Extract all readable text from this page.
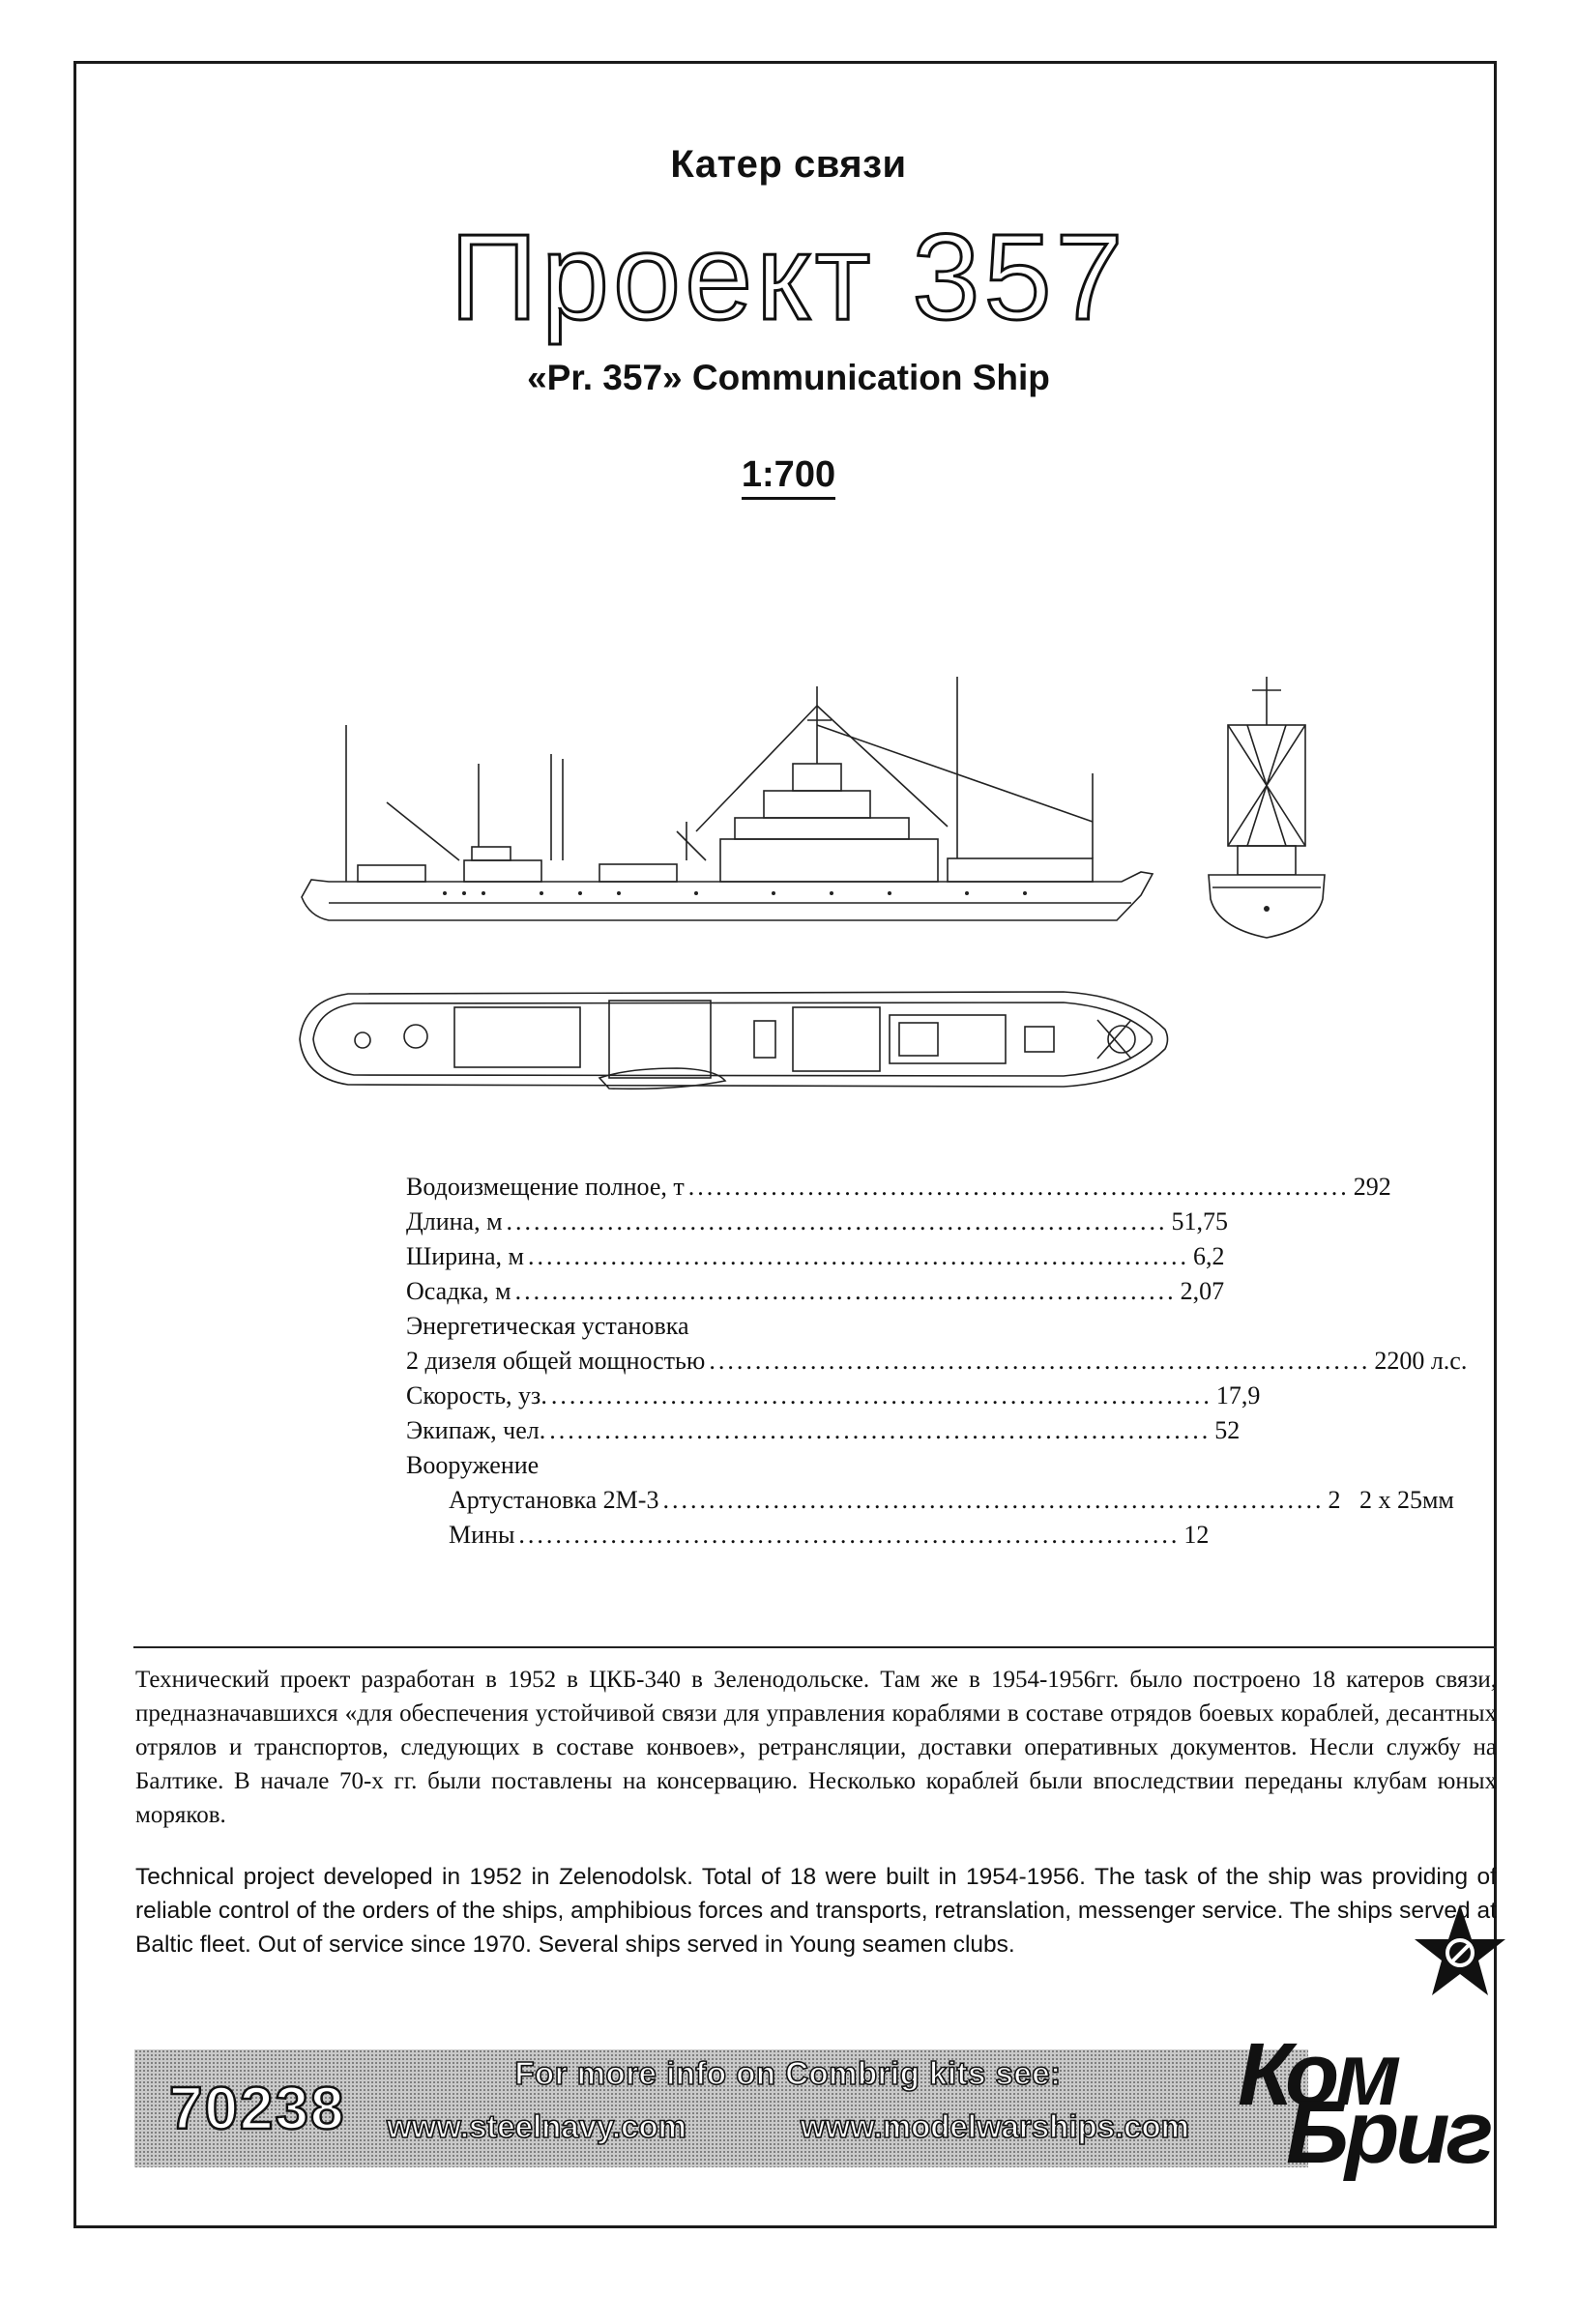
Катер связи
Проект 357
«Pr. 357» Communication Ship
1:700
Водоизмещение полное, т ........................................................................ 292
Длина, м ........................................................................ 51,75
Ширина, м ........................................................................ 6,2
Осадка, м ........................................................................ 2,07
Энергетическая установка
2 дизеля общей мощностью ........................................................................ 2200 л.с.
Скорость, уз. ........................................................................ 17,9
Экипаж, чел. ........................................................................ 52
Вооружение
Артустановка 2М-3 ........................................................................ 2   2 x 25мм
Мины ........................................................................ 12
Технический проект разработан в 1952 в ЦКБ-340 в Зеленодольске. Там же в 1954-1956гг. было построено 18 катеров связи, предназначавшихся «для обеспечения устойчивой связи для управления кораблями в составе отрядов боевых кораблей, десантных отрялов и транспортов, следующих в составе конвоев», ретрансляции, доставки оперативных документов. Несли службу на Балтике. В начале 70-х гг. были поставлены на консервацию. Несколько кораблей были впоследствии переданы клубам юных моряков.
Technical project developed in 1952 in Zelenodolsk. Total of 18 were built in 1954-1956. The task of the ship was providing of reliable control of the orders of the ships, amphibious forces and transports, retranslation, messenger service. The ships served at Baltic fleet. Out of service since 1970. Several ships served in Young seamen clubs.
70238
For more info on Combrig kits see:
www.steelnavy.com	www.modelwarships.com
Ком
Бриг
